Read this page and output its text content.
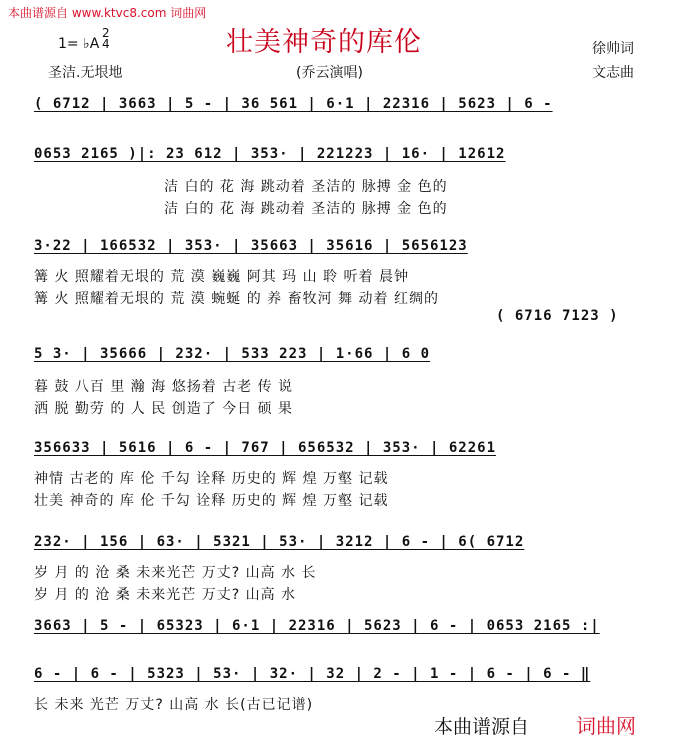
本曲谱源自 www.ktvc8.com 词曲网
1= ♭A
2
4	壮美神奇的库伦	徐帅词
文志曲
圣洁.无垠地	(乔云演唱)
( 6712 | 3663 | 5 - | 36 561 | 6·1 | 22316 | 5623 | 6 -
0653 2165 )|: 23 612 | 353· | 221223 | 16· | 12612
洁 白的 花 海 跳动着 圣洁的 脉搏 金 色的
洁 白的 花 海 跳动着 圣洁的 脉搏 金 色的
3·22 | 166532 | 353· | 35663 | 35616 | 5656123
篝 火 照耀着无垠的 荒 漠 巍巍 阿其 玛 山 聆 听着 晨钟
篝 火 照耀着无垠的 荒 漠 蜿蜒 的 养 畜牧河 舞 动着 红绸的
( 6716 7123 )
5 3· | 35666 | 232· | 533 223 | 1·66 | 6 0
暮 鼓 八百 里 瀚 海 悠扬着 古老 传 说
洒 脱 勤劳 的 人 民 创造了 今日 硕 果
356633 | 5616 | 6 - | 767 | 656532 | 353· | 62261
神情 古老的 库 伦 千勾 诠释 历史的 辉 煌 万壑 记载
壮美 神奇的 库 伦 千勾 诠释 历史的 辉 煌 万壑 记载
232· | 156 | 63· | 5321 | 53· | 3212 | 6 - | 6( 6712
岁 月 的 沧 桑 未来光芒 万丈? 山高 水 长
岁 月 的 沧 桑 未来光芒 万丈? 山高 水
3663 | 5 - | 65323 | 6·1 | 22316 | 5623 | 6 - | 0653 2165 :|
6 - | 6 - | 5323 | 53· | 32· | 32 | 2 - | 1 - | 6 - | 6 - ‖
长 未来 光芒 万丈? 山高 水 长(古已记谱)
本曲谱源自 词曲网
